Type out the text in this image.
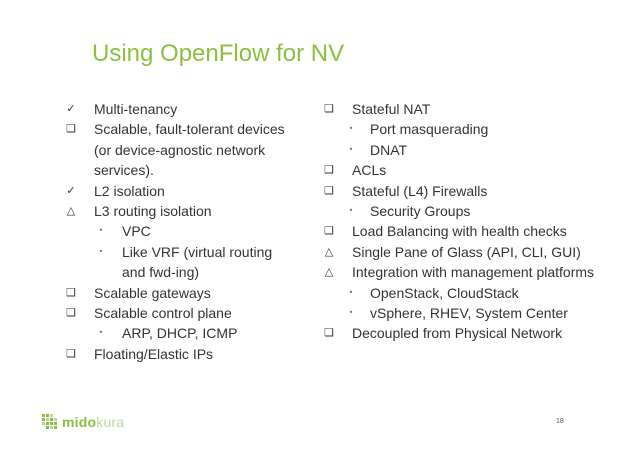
Using OpenFlow for NV
✓ Multi-tenancy
❑ Scalable, fault-tolerant devices
(or device-agnostic network
services).
✓ L2 isolation
△ L3 routing isolation
•	VPC
•	Like VRF (virtual routing
and fwd-ing)
❑ Scalable gateways
❑ Scalable control plane
•	ARP, DHCP, ICMP
❑ Floating/Elastic IPs
❑ Stateful NAT
•	Port masquerading
•	DNAT
❑ ACLs
❑ Stateful (L4) Firewalls
•	Security Groups
❑ Load Balancing with health checks
△ Single Pane of Glass (API, CLI, GUI)
△ Integration with management platforms
•	OpenStack, CloudStack
•	vSphere, RHEV, System Center
❑ Decoupled from Physical Network
midokura	18
